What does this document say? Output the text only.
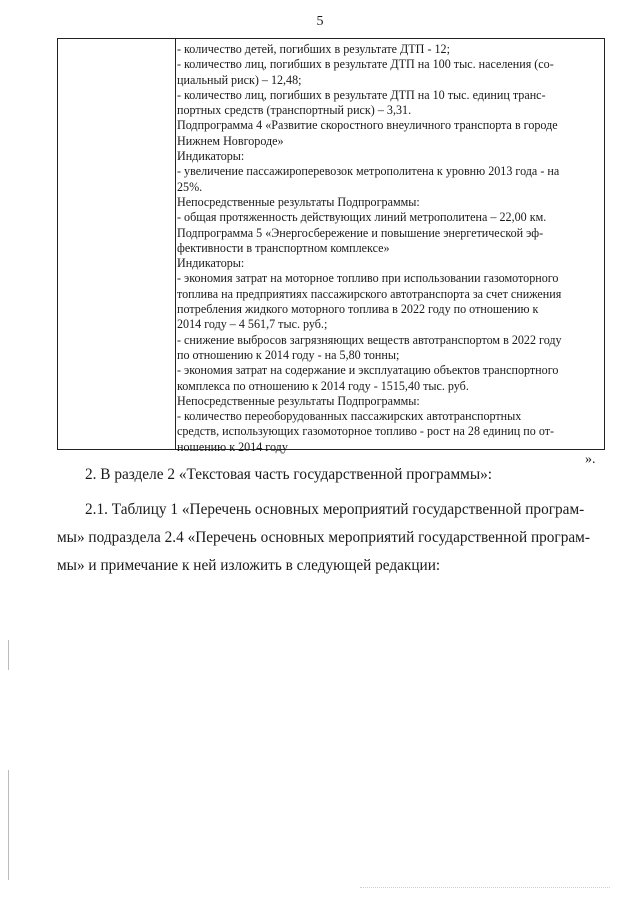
5
- количество детей, погибших в результате ДТП - 12;
- количество лиц, погибших в результате ДТП на 100 тыс. населения (со-
циальный риск) – 12,48;
- количество лиц, погибших в результате ДТП на 10 тыс. единиц транс-
портных средств (транспортный риск) – 3,31.
Подпрограмма 4 «Развитие скоростного внеуличного транспорта в городе
Нижнем Новгороде»
Индикаторы:
- увеличение пассажироперевозок метрополитена к уровню 2013 года - на
25%.
Непосредственные результаты Подпрограммы:
- общая протяженность действующих линий метрополитена – 22,00 км.
Подпрограмма 5 «Энергосбережение и повышение энергетической эф-
фективности в транспортном комплексе»
Индикаторы:
- экономия затрат на моторное топливо при использовании газомоторного
топлива на предприятиях пассажирского автотранспорта за счет снижения
потребления жидкого моторного топлива в 2022 году по отношению к
2014 году – 4 561,7 тыс. руб.;
- снижение выбросов загрязняющих веществ автотранспортом в 2022 году
по отношению к 2014 году - на 5,80 тонны;
- экономия затрат на содержание и эксплуатацию объектов транспортного
комплекса по отношению к 2014 году - 1515,40 тыс. руб.
Непосредственные результаты Подпрограммы:
- количество переоборудованных пассажирских автотранспортных
средств, использующих газомоторное топливо - рост на 28 единиц по от-
ношению к 2014 году
».
2. В разделе 2 «Текстовая часть государственной программы»:
2.1. Таблицу 1 «Перечень основных мероприятий государственной програм-
мы» подраздела 2.4 «Перечень основных мероприятий государственной програм-
мы» и примечание к ней изложить в следующей редакции:
